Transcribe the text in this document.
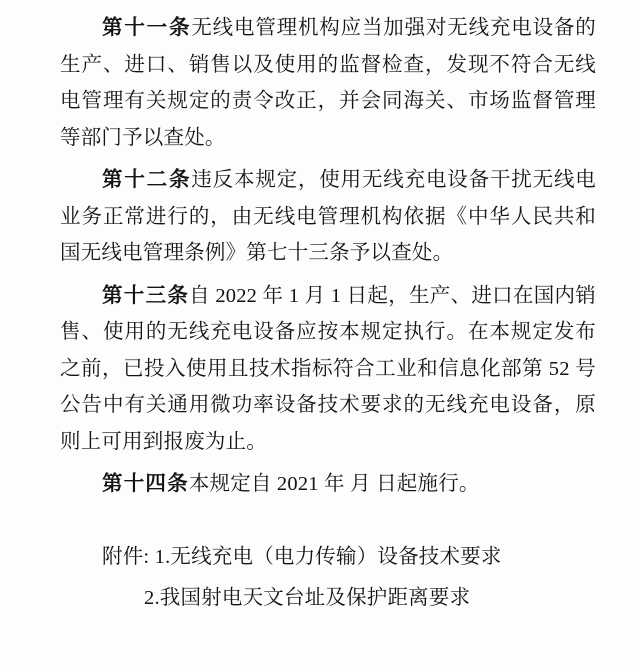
第十一条无线电管理机构应当加强对无线充电设备的生产、进口、销售以及使用的监督检查，发现不符合无线电管理有关规定的责令改正，并会同海关、市场监督管理等部门予以查处。

第十二条违反本规定，使用无线充电设备干扰无线电业务正常进行的，由无线电管理机构依据《中华人民共和国无线电管理条例》第七十三条予以查处。

第十三条自 2022 年 1 月 1 日起，生产、进口在国内销售、使用的无线充电设备应按本规定执行。在本规定发布之前，已投入使用且技术指标符合工业和信息化部第 52 号公告中有关通用微功率设备技术要求的无线充电设备，原则上可用到报废为止。

第十四条本规定自 2021 年 月 日起施行。

附件: 1.无线充电（电力传输）设备技术要求
2.我国射电天文台址及保护距离要求
